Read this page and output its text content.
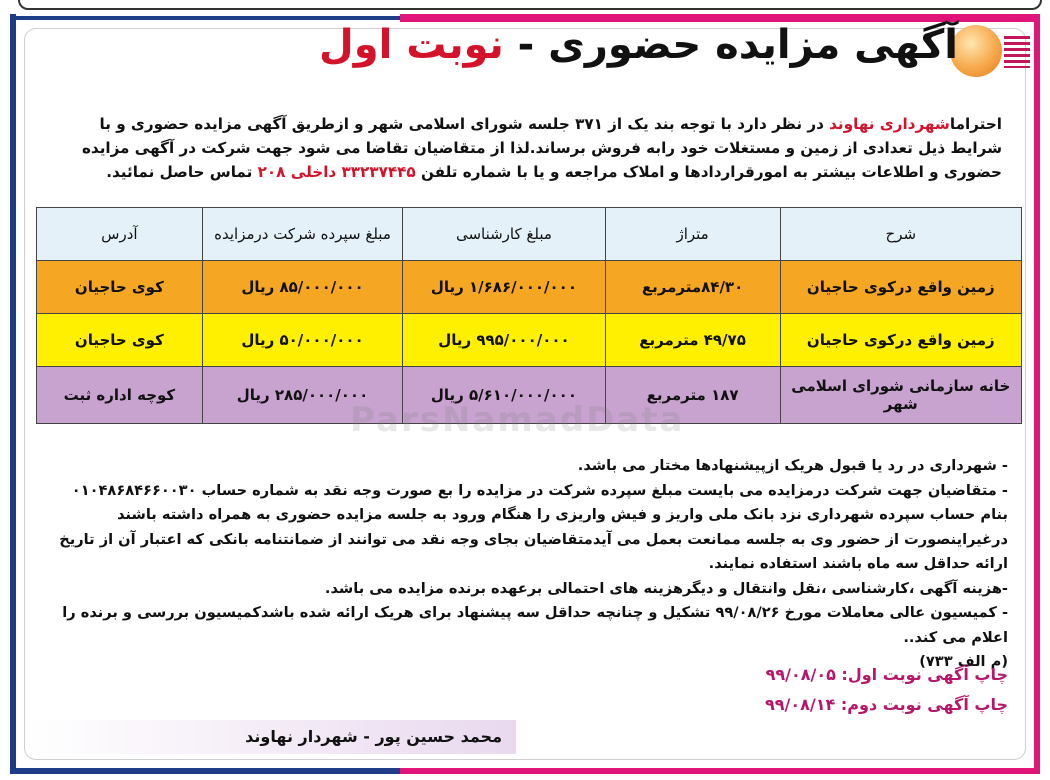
آگهی مزایده حضوری - نوبت اول
احتراماشهرداری نهاوند در نظر دارد با توجه بند یک از ۳۷۱ جلسه شورای اسلامی شهر و ازطریق آگهی مزایده حضوری و با شرایط ذیل تعدادی از زمین و مستغلات خود رابه فروش برساند.لذا از متقاضیان تقاضا می شود جهت شرکت در آگهی مزایده حضوری و اطلاعات بیشتر به امورقراردادها و املاک مراجعه و یا با شماره تلفن ۳۳۲۳۷۴۴۵ داخلی ۲۰۸ تماس حاصل نمائید.
شرح	متراژ	مبلغ کارشناسی	مبلغ سپرده شرکت درمزایده	آدرس
زمین واقع درکوی حاجیان	۸۴/۳۰مترمربع	۱/۶۸۶/۰۰۰/۰۰۰ ریال	۸۵/۰۰۰/۰۰۰ ریال	کوی حاجیان
زمین واقع درکوی حاجیان	۴۹/۷۵ مترمربع	۹۹۵/۰۰۰/۰۰۰ ریال	۵۰/۰۰۰/۰۰۰ ریال	کوی حاجیان
خانه سازمانی شورای اسلامی شهر	۱۸۷ مترمربع	۵/۶۱۰/۰۰۰/۰۰۰ ریال	۲۸۵/۰۰۰/۰۰۰ ریال	کوچه اداره ثبت
ParsNamadData

- شهرداری در رد یا قبول هریک ازپیشنهادها مختار می باشد.

- متقاضیان جهت شرکت درمزایده می بایست مبلغ سپرده شرکت در مزایده را بع صورت وجه نقد به شماره حساب ۰۱۰۴۸۶۸۴۶۶۰۰۳۰ بنام حساب سپرده شهرداری نزد بانک ملی واریز و فیش واریزی را هنگام ورود به جلسه مزایده حضوری به همراه داشته باشند درغیراینصورت از حضور وی به جلسه ممانعت بعمل می آیدمتقاضیان بجای وجه نقد می توانند از ضمانتنامه بانکی که اعتبار آن از تاریخ ارائه حداقل سه ماه باشند استفاده نمایند.

-هزینه آگهی ،کارشناسی ،نقل وانتقال و دیگرهزینه های احتمالی برعهده برنده مزایده می باشد.

- کمیسیون عالی معاملات مورخ ۹۹/۰۸/۲۶ تشکیل و چنانچه حداقل سه پیشنهاد برای هریک ارائه شده باشدکمیسیون بررسی و برنده را اعلام می کند..

(م الف ۷۳۳)

چاپ آگهی نوبت اول: ۹۹/۰۸/۰۵
چاپ آگهی نوبت دوم: ۹۹/۰۸/۱۴
محمد حسین پور - شهردار نهاوند
